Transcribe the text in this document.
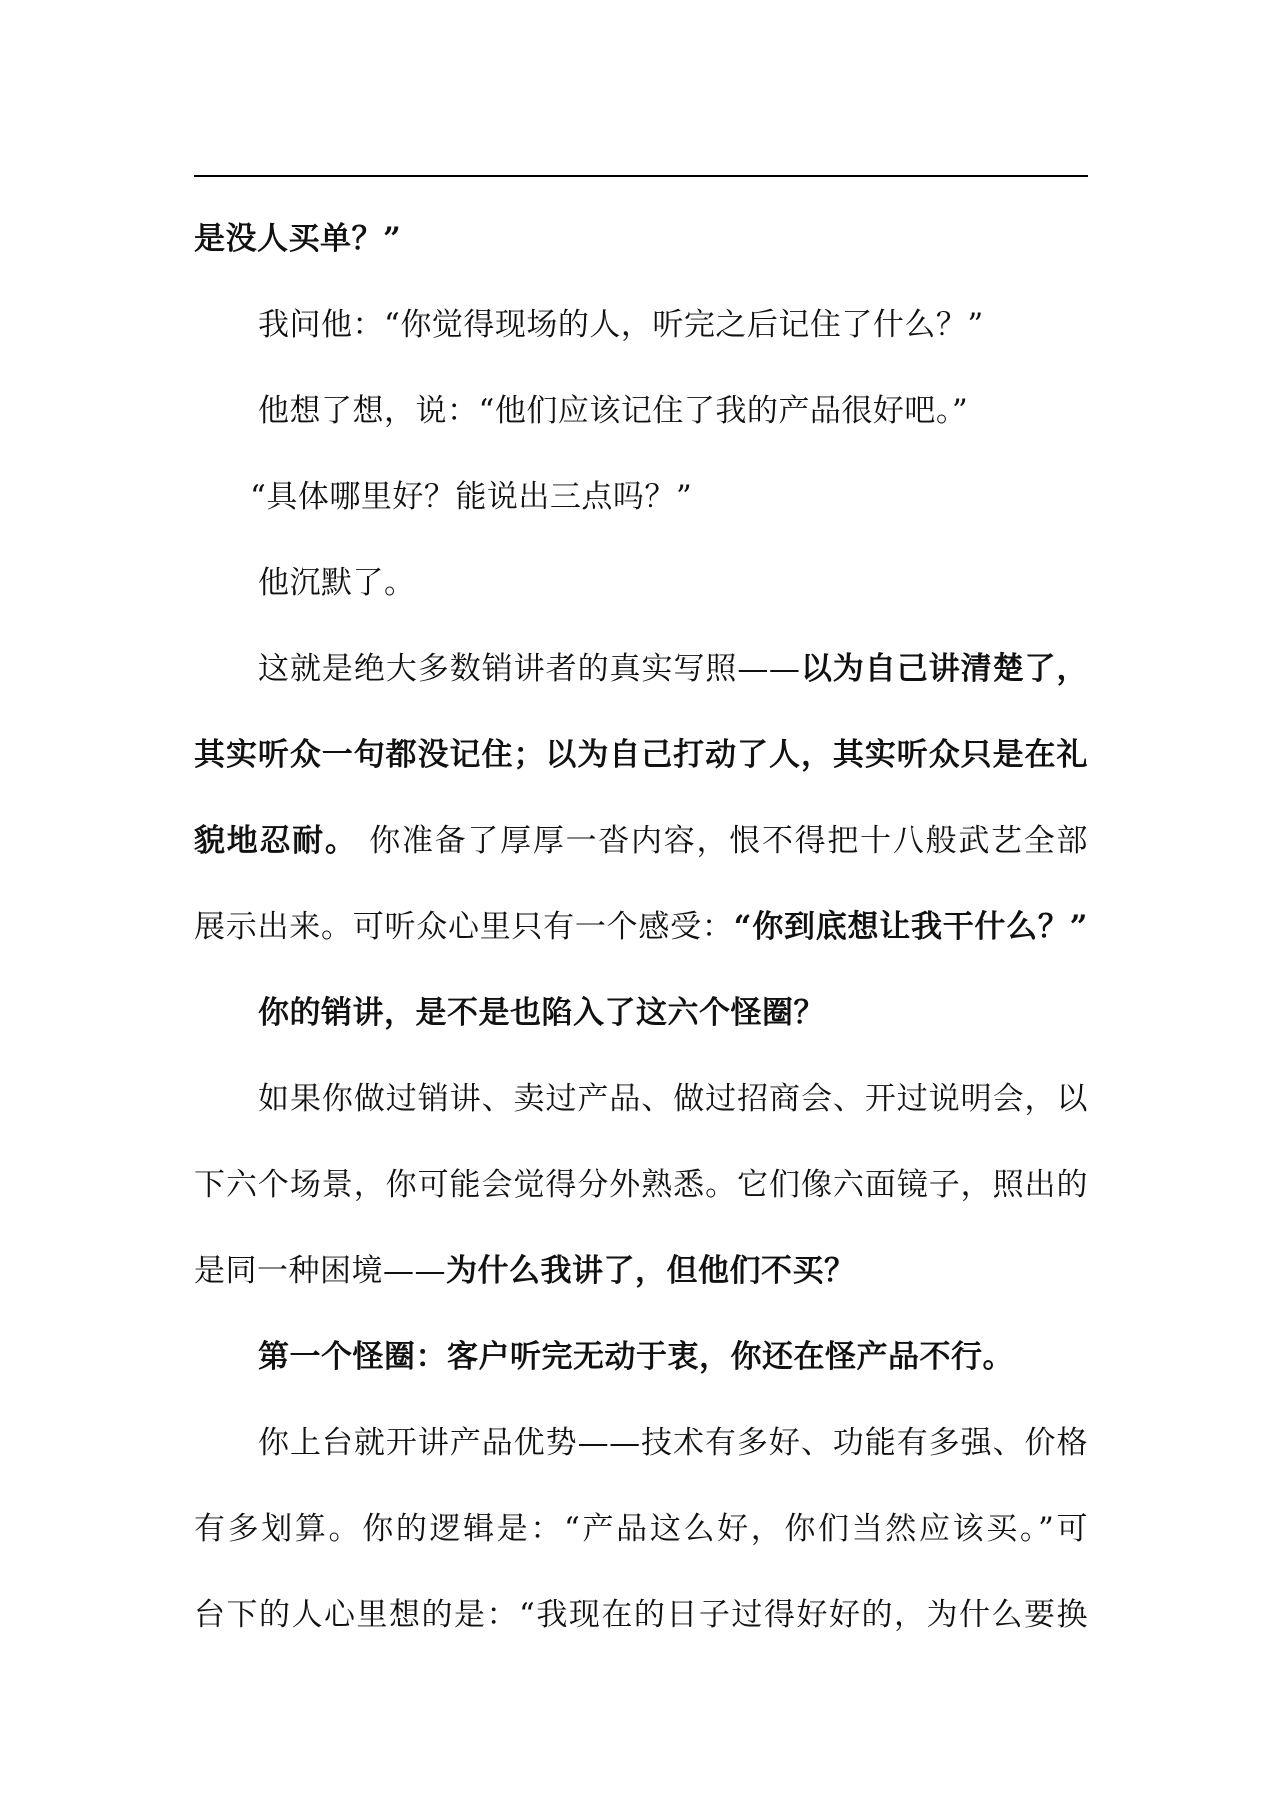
是没人买单？”
我问他：“你觉得现场的人，听完之后记住了什么？”
他想了想，说：“他们应该记住了我的产品很好吧。”
“具体哪里好？能说出三点吗？”
他沉默了。
这就是绝大多数销讲者的真实写照——以为自己讲清楚了，
其实听众一句都没记住；以为自己打动了人，其实听众只是在礼
貌地忍耐。 你准备了厚厚一沓内容，恨不得把十八般武艺全部
展示出来。可听众心里只有一个感受：“你到底想让我干什么？”
你的销讲，是不是也陷入了这六个怪圈？
如果你做过销讲、卖过产品、做过招商会、开过说明会，以
下六个场景，你可能会觉得分外熟悉。它们像六面镜子，照出的
是同一种困境——为什么我讲了，但他们不买？
第一个怪圈：客户听完无动于衷，你还在怪产品不行。
你上台就开讲产品优势——技术有多好、功能有多强、价格
有多划算。你的逻辑是：“产品这么好，你们当然应该买。”可
台下的人心里想的是：“我现在的日子过得好好的，为什么要换
